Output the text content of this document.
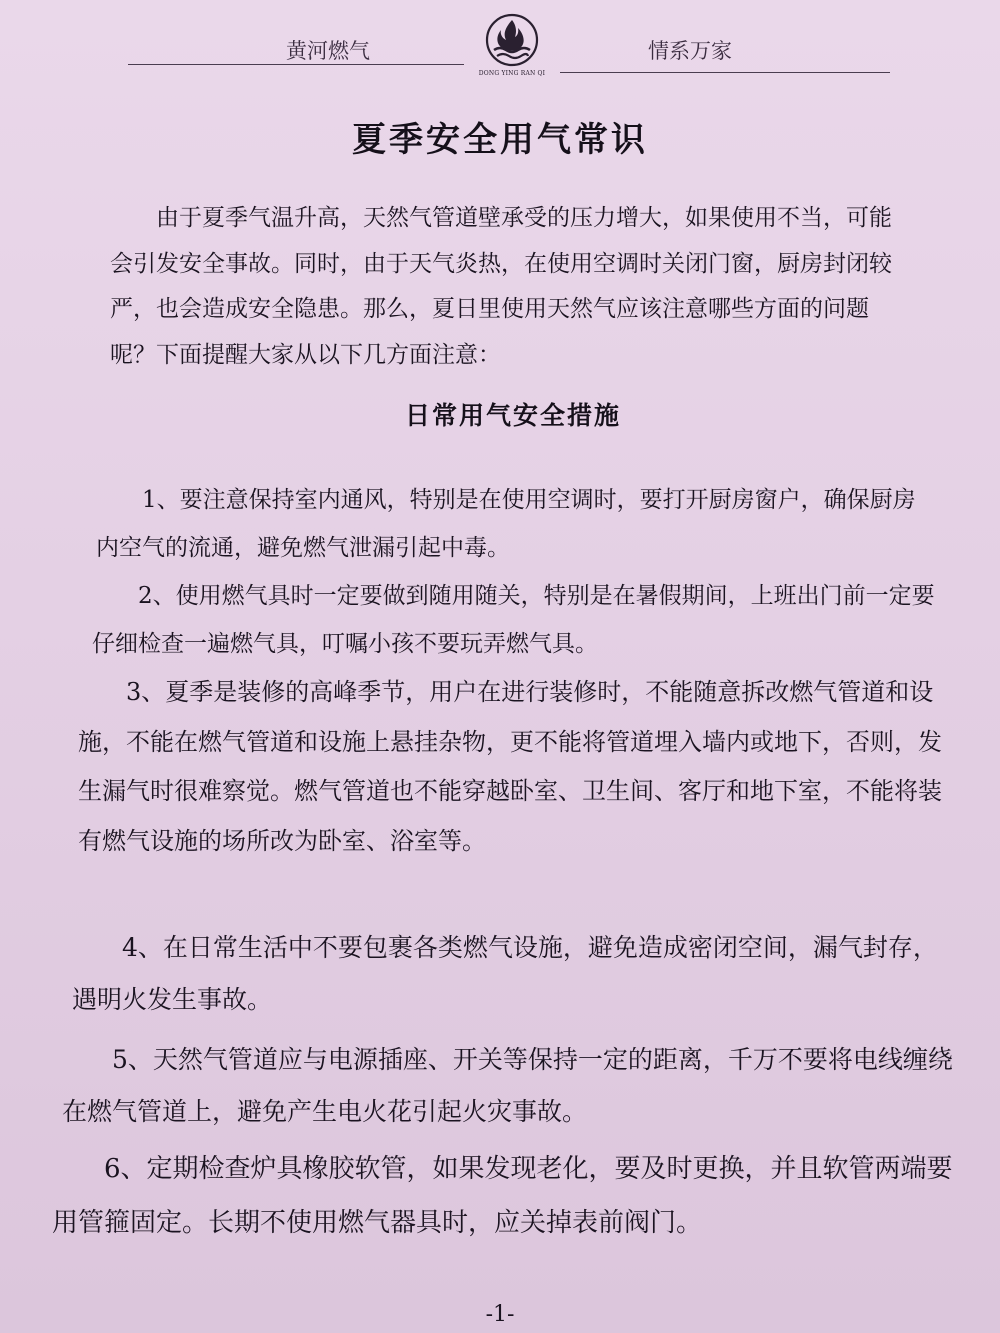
黄河燃气
DONG YING RAN QI
情系万家
夏季安全用气常识

由于夏季气温升高，天然气管道壁承受的压力增大，如果使用不当，可能会引发安全事故。同时，由于天气炎热，在使用空调时关闭门窗，厨房封闭较严，也会造成安全隐患。那么，夏日里使用天然气应该注意哪些方面的问题呢？下面提醒大家从以下几方面注意：

日常用气安全措施

1、要注意保持室内通风，特别是在使用空调时，要打开厨房窗户，确保厨房内空气的流通，避免燃气泄漏引起中毒。

2、使用燃气具时一定要做到随用随关，特别是在暑假期间，上班出门前一定要仔细检查一遍燃气具，叮嘱小孩不要玩弄燃气具。

3、夏季是装修的高峰季节，用户在进行装修时，不能随意拆改燃气管道和设施，不能在燃气管道和设施上悬挂杂物，更不能将管道埋入墙内或地下，否则，发生漏气时很难察觉。燃气管道也不能穿越卧室、卫生间、客厅和地下室，不能将装有燃气设施的场所改为卧室、浴室等。

4、在日常生活中不要包裹各类燃气设施，避免造成密闭空间，漏气封存，遇明火发生事故。

5、天然气管道应与电源插座、开关等保持一定的距离，千万不要将电线缠绕在燃气管道上，避免产生电火花引起火灾事故。

6、定期检查炉具橡胶软管，如果发现老化，要及时更换，并且软管两端要用管箍固定。长期不使用燃气器具时，应关掉表前阀门。

-1-
